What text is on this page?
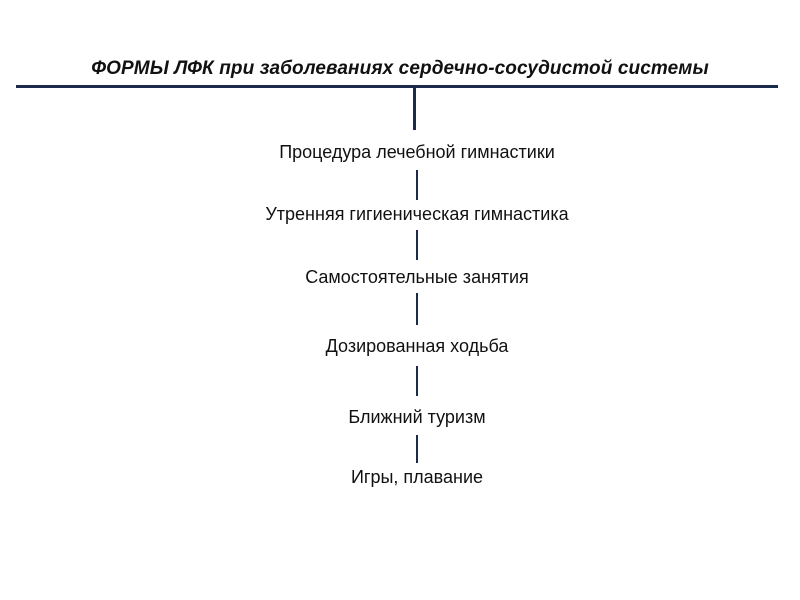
ФОРМЫ ЛФК при заболеваниях сердечно-сосудистой системы
Процедура лечебной гимнастики
Утренняя гигиеническая гимнастика
Самостоятельные занятия
Дозированная ходьба
Ближний туризм
Игры, плавание
